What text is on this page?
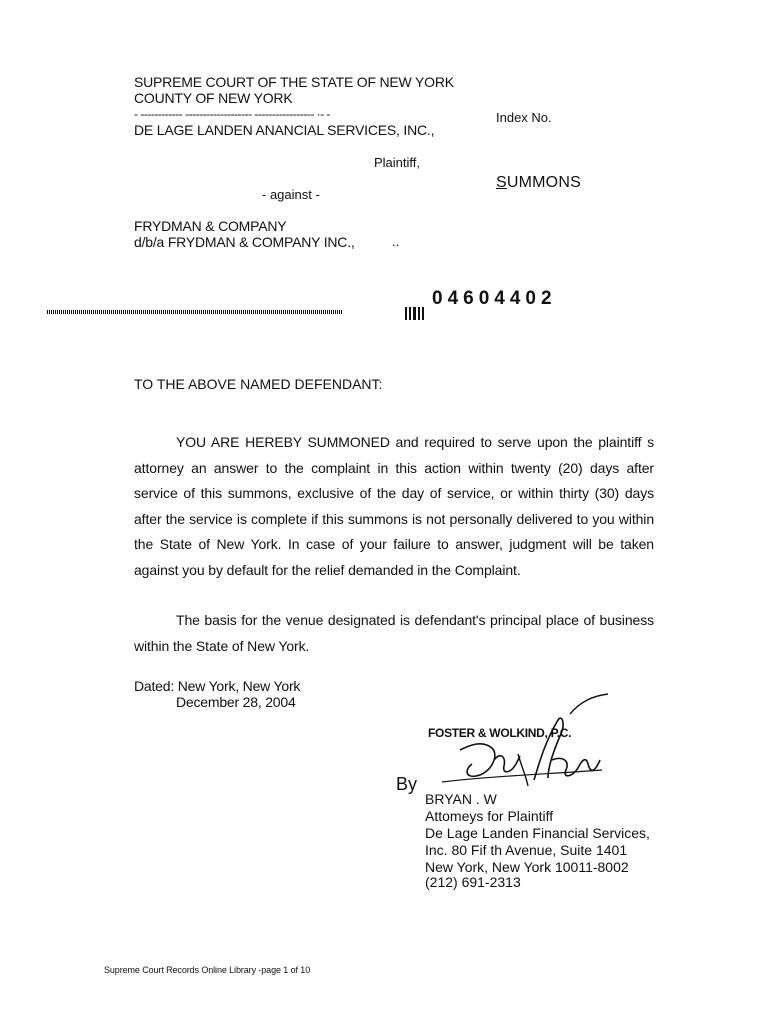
SUPREME COURT OF THE STATE OF NEW YORK
COUNTY OF NEW YORK
- ------------ ------------------- ----------------- ·- -	Index No.
DE LAGE LANDEN ANANCIAL SERVICES, INC.,
Plaintiff,
SUMMONS
- against -
FRYDMAN & COMPANY
d/b/a FRYDMAN & COMPANY INC.,	..
04604402
TO THE ABOVE NAMED DEFENDANT:
YOU ARE HEREBY SUMMONED and required to serve upon the plaintiff s attorney an answer to the complaint in this action within twenty (20) days after service of this summons, exclusive of the day of service, or within thirty (30) days after the service is complete if this summons is not personally delivered to you within the State of New York. In case of your failure to answer, judgment will be taken against you by default for the relief demanded in the Complaint.
The basis for the venue designated is defendant's principal place of business within the State of New York.
Dated: New York, New York
December 28, 2004
FOSTER & WOLKIND, P.C.
By
BRYAN . W
Attomeys for Plaintiff
De Lage Landen Financial Services,
Inc. 80 Fif th Avenue, Suite 1401
New York, New York 10011-8002
(212) 691-2313
Supreme Court Records Online Library -page 1 of 10
